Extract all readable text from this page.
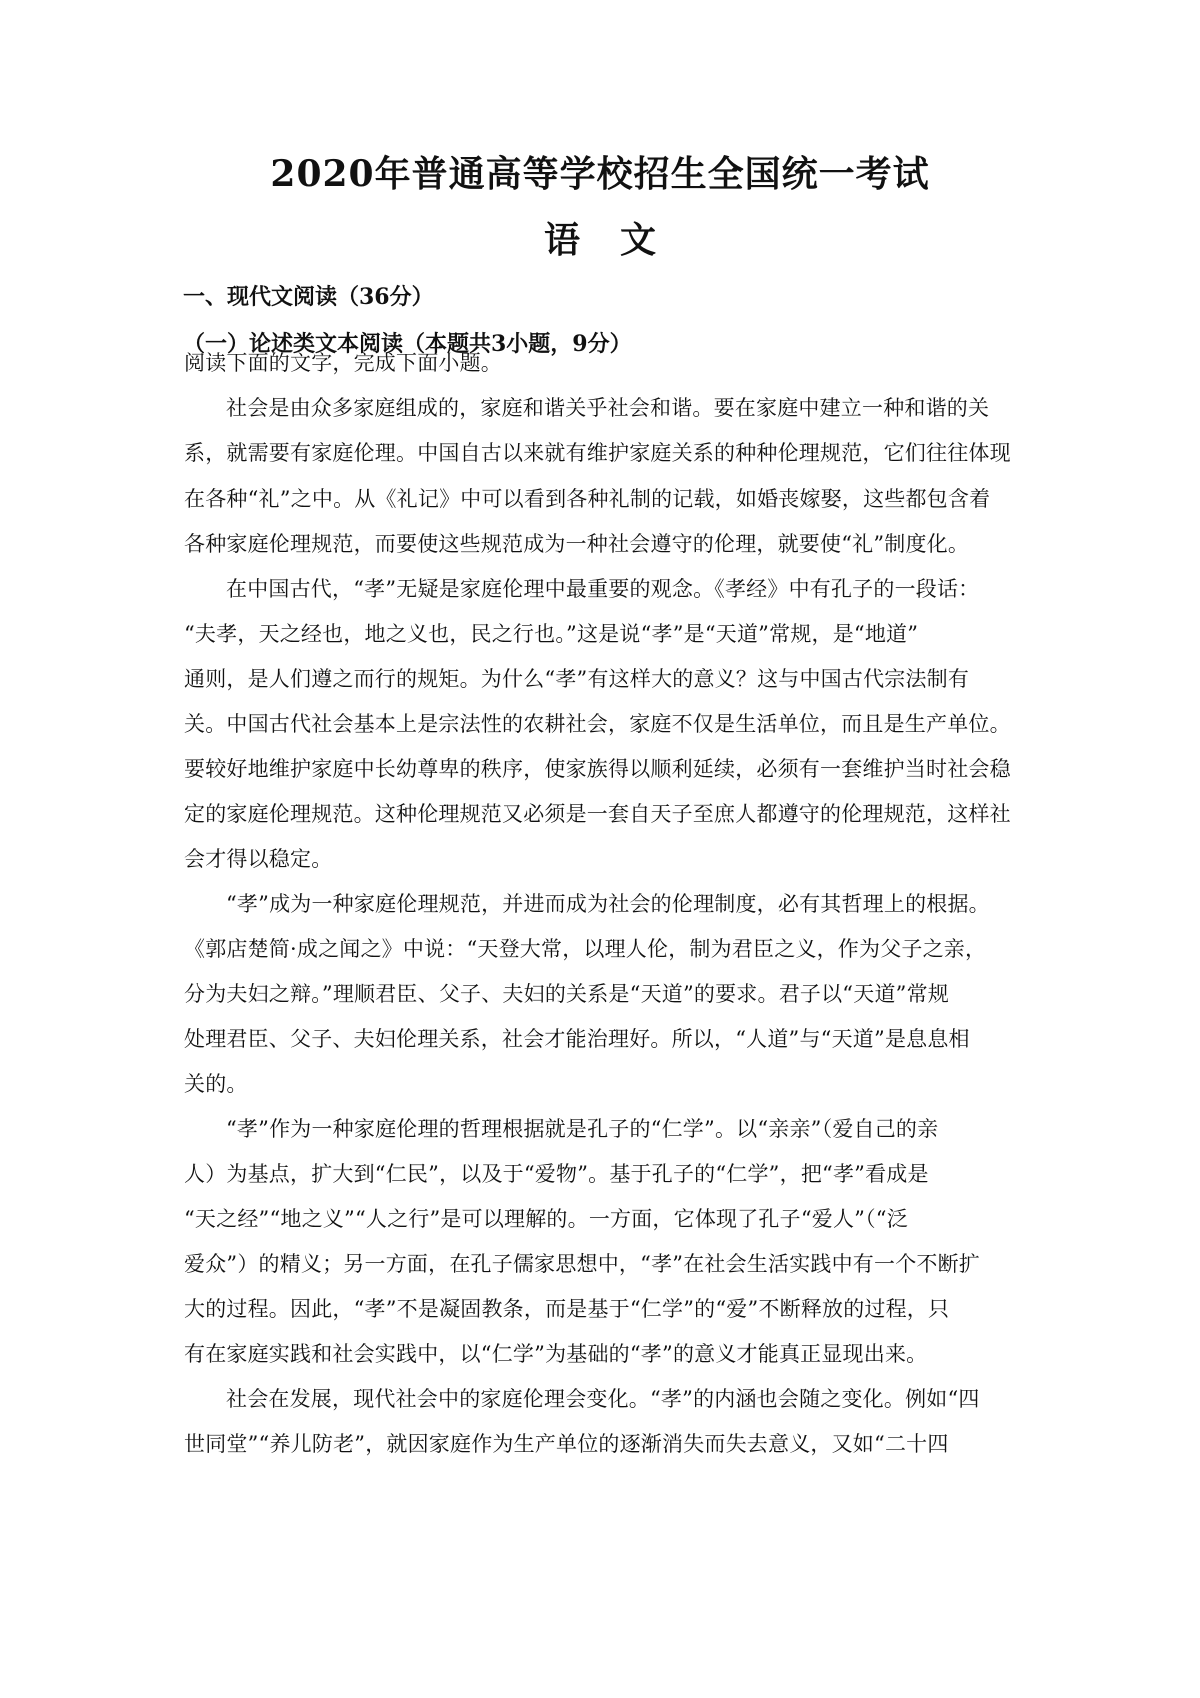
2020年普通高等学校招生全国统一考试
语文
一、现代文阅读（36分）
（一）论述类文本阅读（本题共3小题，9分）
阅读下面的文字，完成下面小题。
社会是由众多家庭组成的，家庭和谐关乎社会和谐。要在家庭中建立一种和谐的关
系，就需要有家庭伦理。中国自古以来就有维护家庭关系的种种伦理规范，它们往往体现
在各种“礼”之中。从《礼记》中可以看到各种礼制的记载，如婚丧嫁娶，这些都包含着
各种家庭伦理规范，而要使这些规范成为一种社会遵守的伦理，就要使“礼”制度化。
在中国古代，“孝”无疑是家庭伦理中最重要的观念。《孝经》中有孔子的一段话：
“夫孝，天之经也，地之义也，民之行也。”这是说“孝”是“天道”常规，是“地道”
通则，是人们遵之而行的规矩。为什么“孝”有这样大的意义？这与中国古代宗法制有
关。中国古代社会基本上是宗法性的农耕社会，家庭不仅是生活单位，而且是生产单位。
要较好地维护家庭中长幼尊卑的秩序，使家族得以顺利延续，必须有一套维护当时社会稳
定的家庭伦理规范。这种伦理规范又必须是一套自天子至庶人都遵守的伦理规范，这样社
会才得以稳定。
“孝”成为一种家庭伦理规范，并进而成为社会的伦理制度，必有其哲理上的根据。
《郭店楚简·成之闻之》中说：“天登大常，以理人伦，制为君臣之义，作为父子之亲，
分为夫妇之辩。”理顺君臣、父子、夫妇的关系是“天道”的要求。君子以“天道”常规
处理君臣、父子、夫妇伦理关系，社会才能治理好。所以，“人道”与“天道”是息息相
关的。
“孝”作为一种家庭伦理的哲理根据就是孔子的“仁学”。以“亲亲”（爱自己的亲
人）为基点，扩大到“仁民”，以及于“爱物”。基于孔子的“仁学”，把“孝”看成是
“天之经”“地之义”“人之行”是可以理解的。一方面，它体现了孔子“爱人”（“泛
爱众”）的精义；另一方面，在孔子儒家思想中，“孝”在社会生活实践中有一个不断扩
大的过程。因此，“孝”不是凝固教条，而是基于“仁学”的“爱”不断释放的过程，只
有在家庭实践和社会实践中，以“仁学”为基础的“孝”的意义才能真正显现出来。
社会在发展，现代社会中的家庭伦理会变化。“孝”的内涵也会随之变化。例如“四
世同堂”“养儿防老”，就因家庭作为生产单位的逐渐消失而失去意义，又如“二十四
